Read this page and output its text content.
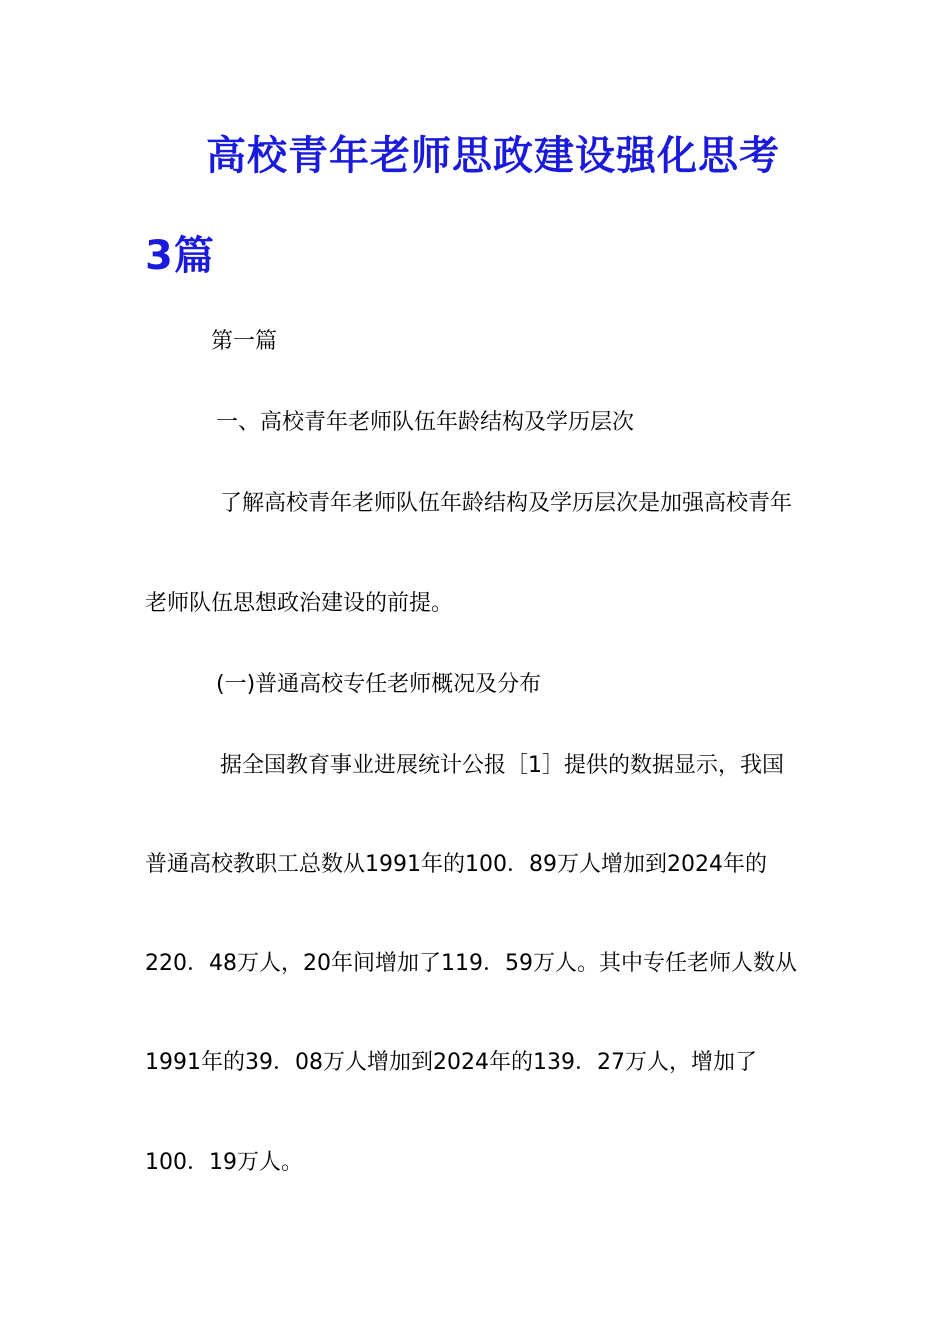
高校青年老师思政建设强化思考
3篇
第一篇
一、高校青年老师队伍年龄结构及学历层次
了解高校青年老师队伍年龄结构及学历层次是加强高校青年
老师队伍思想政治建设的前提。
(一)普通高校专任老师概况及分布
据全国教育事业进展统计公报［1］提供的数据显示，我国
普通高校教职工总数从1991年的100．89万人增加到2024年的
220．48万人，20年间增加了119．59万人。其中专任老师人数从
1991年的39．08万人增加到2024年的139．27万人，增加了
100．19万人。
